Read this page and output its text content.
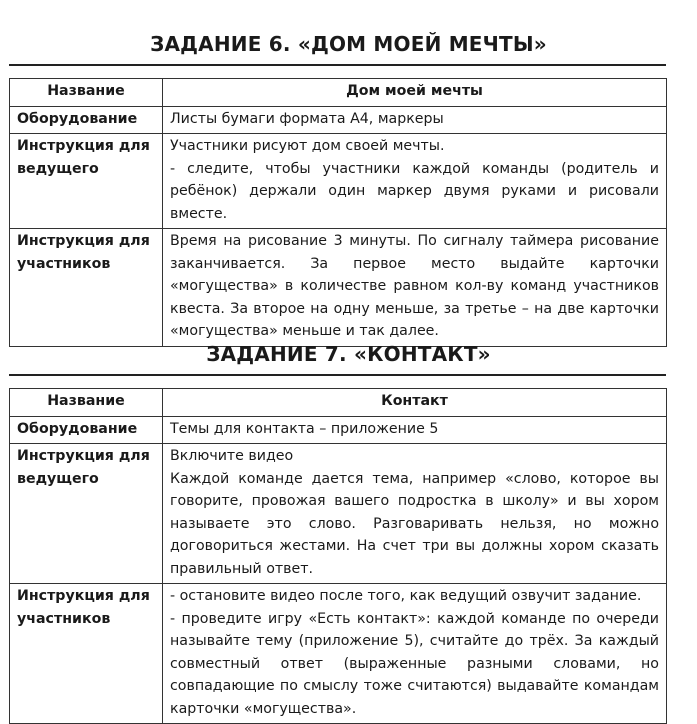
ЗАДАНИЕ 6. «ДОМ МОЕЙ МЕЧТЫ»
Название	Дом моей мечты
Оборудование	Листы бумаги формата А4, маркеры
Инструкция для ведущего	Участники рисуют дом своей мечты.
- следите, чтобы участники каждой команды (родитель и ребёнок) держали один маркер двумя руками и рисовали вместе.

Инструкция для участников	Время на рисование 3 минуты. По сигналу таймера рисование заканчивается. За первое место выдайте карточки «могущества» в количестве равном кол-ву команд участников квеста. За второе на одну меньше, за третье – на две карточки «могущества» меньше и так далее.
ЗАДАНИЕ 7. «КОНТАКТ»
Название	Контакт
Оборудование	Темы для контакта – приложение 5
Инструкция для ведущего	Включите видео
Каждой команде дается тема, например «слово, которое вы говорите, провожая вашего подростка в школу» и вы хором называете это слово. Разговаривать нельзя, но можно договориться жестами. На счет три вы должны хором сказать правильный ответ.

Инструкция для участников	- остановите видео после того, как ведущий озвучит задание.
- проведите игру «Есть контакт»: каждой команде по очереди называйте тему (приложение 5), считайте до трёх. За каждый совместный ответ (выраженные разными словами, но совпадающие по смыслу тоже считаются) выдавайте командам карточки «могущества».
